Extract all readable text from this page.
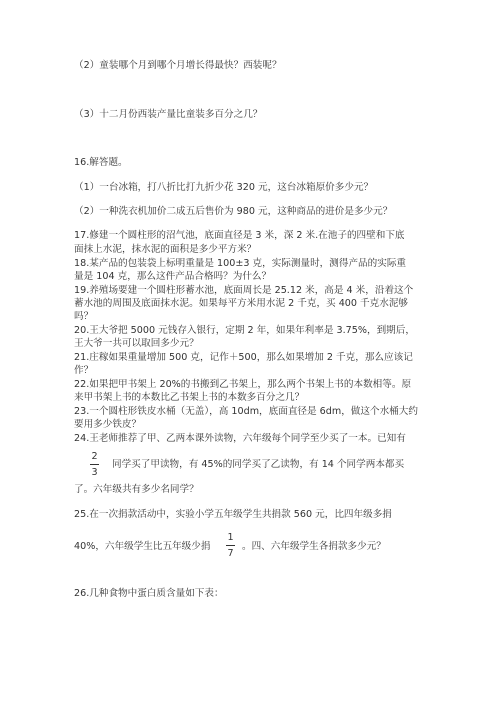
（2）童装哪个月到哪个月增长得最快？西装呢？
（3）十二月份西装产量比童装多百分之几？
16.解答题。
（1）一台冰箱，打八折比打九折少花 320 元，这台冰箱原价多少元？
（2）一种洗衣机加价二成五后售价为 980 元，这种商品的进价是多少元？
17.修建一个圆柱形的沼气池，底面直径是 3 米，深 2 米.在池子的四壁和下底
面抹上水泥，抹水泥的面积是多少平方米？
18.某产品的包装袋上标明重量是 100±3 克，实际测量时，测得产品的实际重
量是 104 克，那么这件产品合格吗？为什么？
19.养殖场要建一个圆柱形蓄水池，底面周长是 25.12 米，高是 4 米，沿着这个
蓄水池的周围及底面抹水泥。如果每平方米用水泥 2 千克，买 400 千克水泥够
吗？
20.王大爷把 5000 元钱存入银行，定期 2 年，如果年利率是 3.75%，到期后，
王大爷一共可以取回多少元？
21.庄稼如果重量增加 500 克，记作＋500，那么如果增加 2 千克，那么应该记
作？
22.如果把甲书架上 20%的书搬到乙书架上，那么两个书架上书的本数相等。原
来甲书架上书的本数比乙书架上书的本数多百分之几？
23.一个圆柱形铁皮水桶（无盖），高 10dm，底面直径是 6dm，做这个水桶大约
要用多少铁皮？
24.王老师推荐了甲、乙两本课外读物，六年级每个同学至少买了一本。已知有
2
3
同学买了甲读物，有 45%的同学买了乙读物，有 14 个同学两本都买
了。六年级共有多少名同学？
25.在一次捐款活动中，实验小学五年级学生共捐款 560 元，比四年级多捐
40%，六年级学生比五年级少捐
1
7
。四、六年级学生各捐款多少元？
26.几种食物中蛋白质含量如下表：
